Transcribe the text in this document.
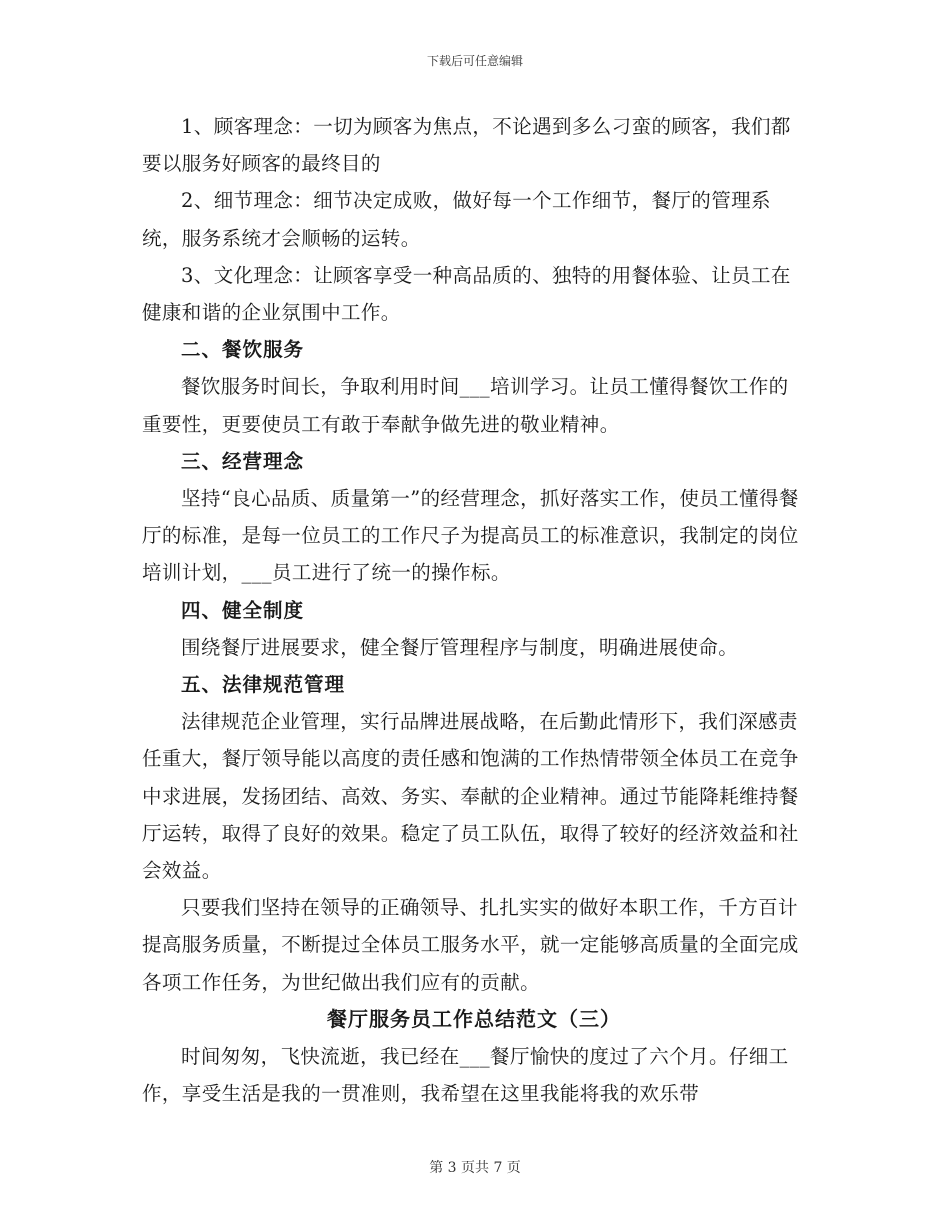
下载后可任意编辑

1、顾客理念：一切为顾客为焦点，不论遇到多么刁蛮的顾客，我们都要以服务好顾客的最终目的

2、细节理念：细节决定成败，做好每一个工作细节，餐厅的管理系统，服务系统才会顺畅的运转。

3、文化理念：让顾客享受一种高品质的、独特的用餐体验、让员工在健康和谐的企业氛围中工作。

二、餐饮服务

餐饮服务时间长，争取利用时间___培训学习。让员工懂得餐饮工作的重要性，更要使员工有敢于奉献争做先进的敬业精神。

三、经营理念

坚持“良心品质、质量第一”的经营理念，抓好落实工作，使员工懂得餐厅的标准，是每一位员工的工作尺子为提高员工的标准意识，我制定的岗位培训计划，___员工进行了统一的操作标。

四、健全制度

围绕餐厅进展要求，健全餐厅管理程序与制度，明确进展使命。

五、法律规范管理

法律规范企业管理，实行品牌进展战略，在后勤此情形下，我们深感责任重大，餐厅领导能以高度的责任感和饱满的工作热情带领全体员工在竞争中求进展，发扬团结、高效、务实、奉献的企业精神。通过节能降耗维持餐厅运转，取得了良好的效果。稳定了员工队伍，取得了较好的经济效益和社会效益。

只要我们坚持在领导的正确领导、扎扎实实的做好本职工作，千方百计提高服务质量，不断提过全体员工服务水平，就一定能够高质量的全面完成各项工作任务，为世纪做出我们应有的贡献。

餐厅服务员工作总结范文（三）

时间匆匆，飞快流逝，我已经在___餐厅愉快的度过了六个月。仔细工作，享受生活是我的一贯准则，我希望在这里我能将我的欢乐带

第 3 页共 7 页
